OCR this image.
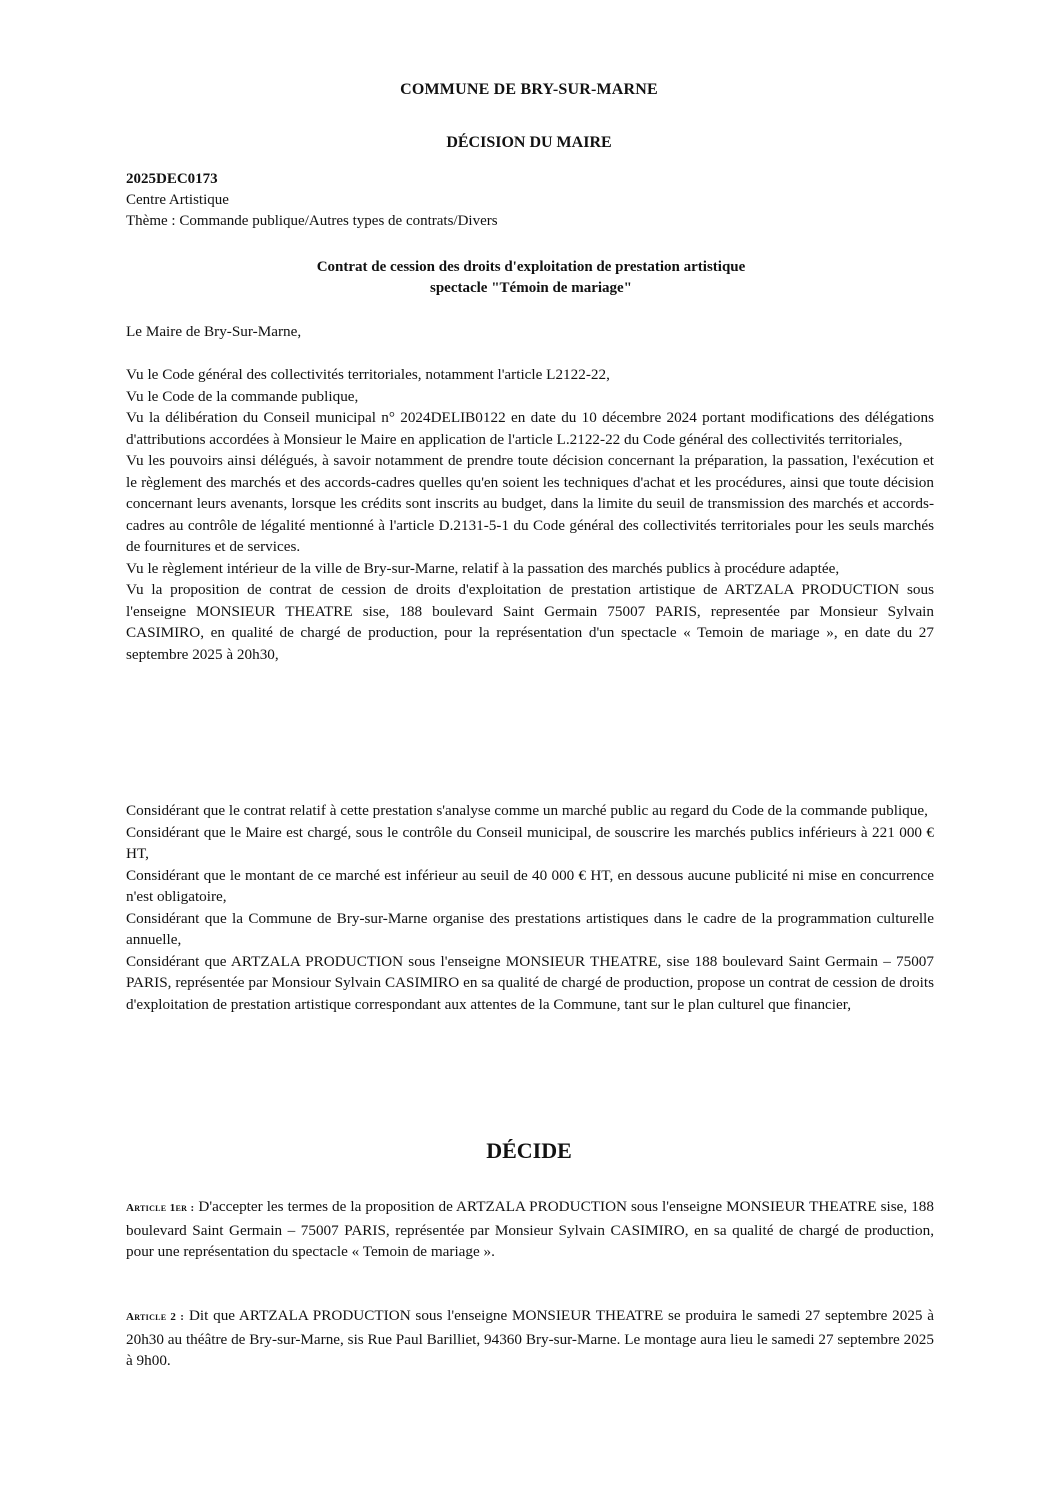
COMMUNE DE BRY-SUR-MARNE
DÉCISION DU MAIRE
2025DEC0173
Centre Artistique
Thème : Commande publique/Autres types de contrats/Divers
Contrat de cession des droits d'exploitation de prestation artistique
spectacle "Témoin de mariage"
Le Maire de Bry-Sur-Marne,

Vu le Code général des collectivités territoriales, notamment l'article L2122-22,

Vu le Code de la commande publique,

Vu la délibération du Conseil municipal n° 2024DELIB0122 en date du 10 décembre 2024 portant modifications des délégations d'attributions accordées à Monsieur le Maire en application de l'article L.2122-22 du Code général des collectivités territoriales,

Vu les pouvoirs ainsi délégués, à savoir notamment de prendre toute décision concernant la préparation, la passation, l'exécution et le règlement des marchés et des accords-cadres quelles qu'en soient les techniques d'achat et les procédures, ainsi que toute décision concernant leurs avenants, lorsque les crédits sont inscrits au budget, dans la limite du seuil de transmission des marchés et accords-cadres au contrôle de légalité mentionné à l'article D.2131-5-1 du Code général des collectivités territoriales pour les seuls marchés de fournitures et de services.

Vu le règlement intérieur de la ville de Bry-sur-Marne, relatif à la passation des marchés publics à procédure adaptée,

Vu la proposition de contrat de cession de droits d'exploitation de prestation artistique de ARTZALA PRODUCTION sous l'enseigne MONSIEUR THEATRE sise, 188 boulevard Saint Germain 75007 PARIS, representée par Monsieur Sylvain CASIMIRO, en qualité de chargé de production, pour la représentation d'un spectacle « Temoin de mariage », en date du 27 septembre 2025 à 20h30,

Considérant que le contrat relatif à cette prestation s'analyse comme un marché public au regard du Code de la commande publique,

Considérant que le Maire est chargé, sous le contrôle du Conseil municipal, de souscrire les marchés publics inférieurs à 221 000 € HT,

Considérant que le montant de ce marché est inférieur au seuil de 40 000 € HT, en dessous aucune publicité ni mise en concurrence n'est obligatoire,

Considérant que la Commune de Bry-sur-Marne organise des prestations artistiques dans le cadre de la programmation culturelle annuelle,

Considérant que ARTZALA PRODUCTION sous l'enseigne MONSIEUR THEATRE, sise 188 boulevard Saint Germain – 75007 PARIS, représentée par Monsiour Sylvain CASIMIRO en sa qualité de chargé de production, propose un contrat de cession de droits d'exploitation de prestation artistique correspondant aux attentes de la Commune, tant sur le plan culturel que financier,

DÉCIDE

Article 1er : D'accepter les termes de la proposition de ARTZALA PRODUCTION sous l'enseigne MONSIEUR THEATRE sise, 188 boulevard Saint Germain – 75007 PARIS, représentée par Monsieur Sylvain CASIMIRO, en sa qualité de chargé de production, pour une représentation du spectacle « Temoin de mariage ».

Article 2 : Dit que ARTZALA PRODUCTION sous l'enseigne MONSIEUR THEATRE se produira le samedi 27 septembre 2025 à 20h30 au théâtre de Bry-sur-Marne, sis Rue Paul Barilliet, 94360 Bry-sur-Marne. Le montage aura lieu le samedi 27 septembre 2025 à 9h00.
